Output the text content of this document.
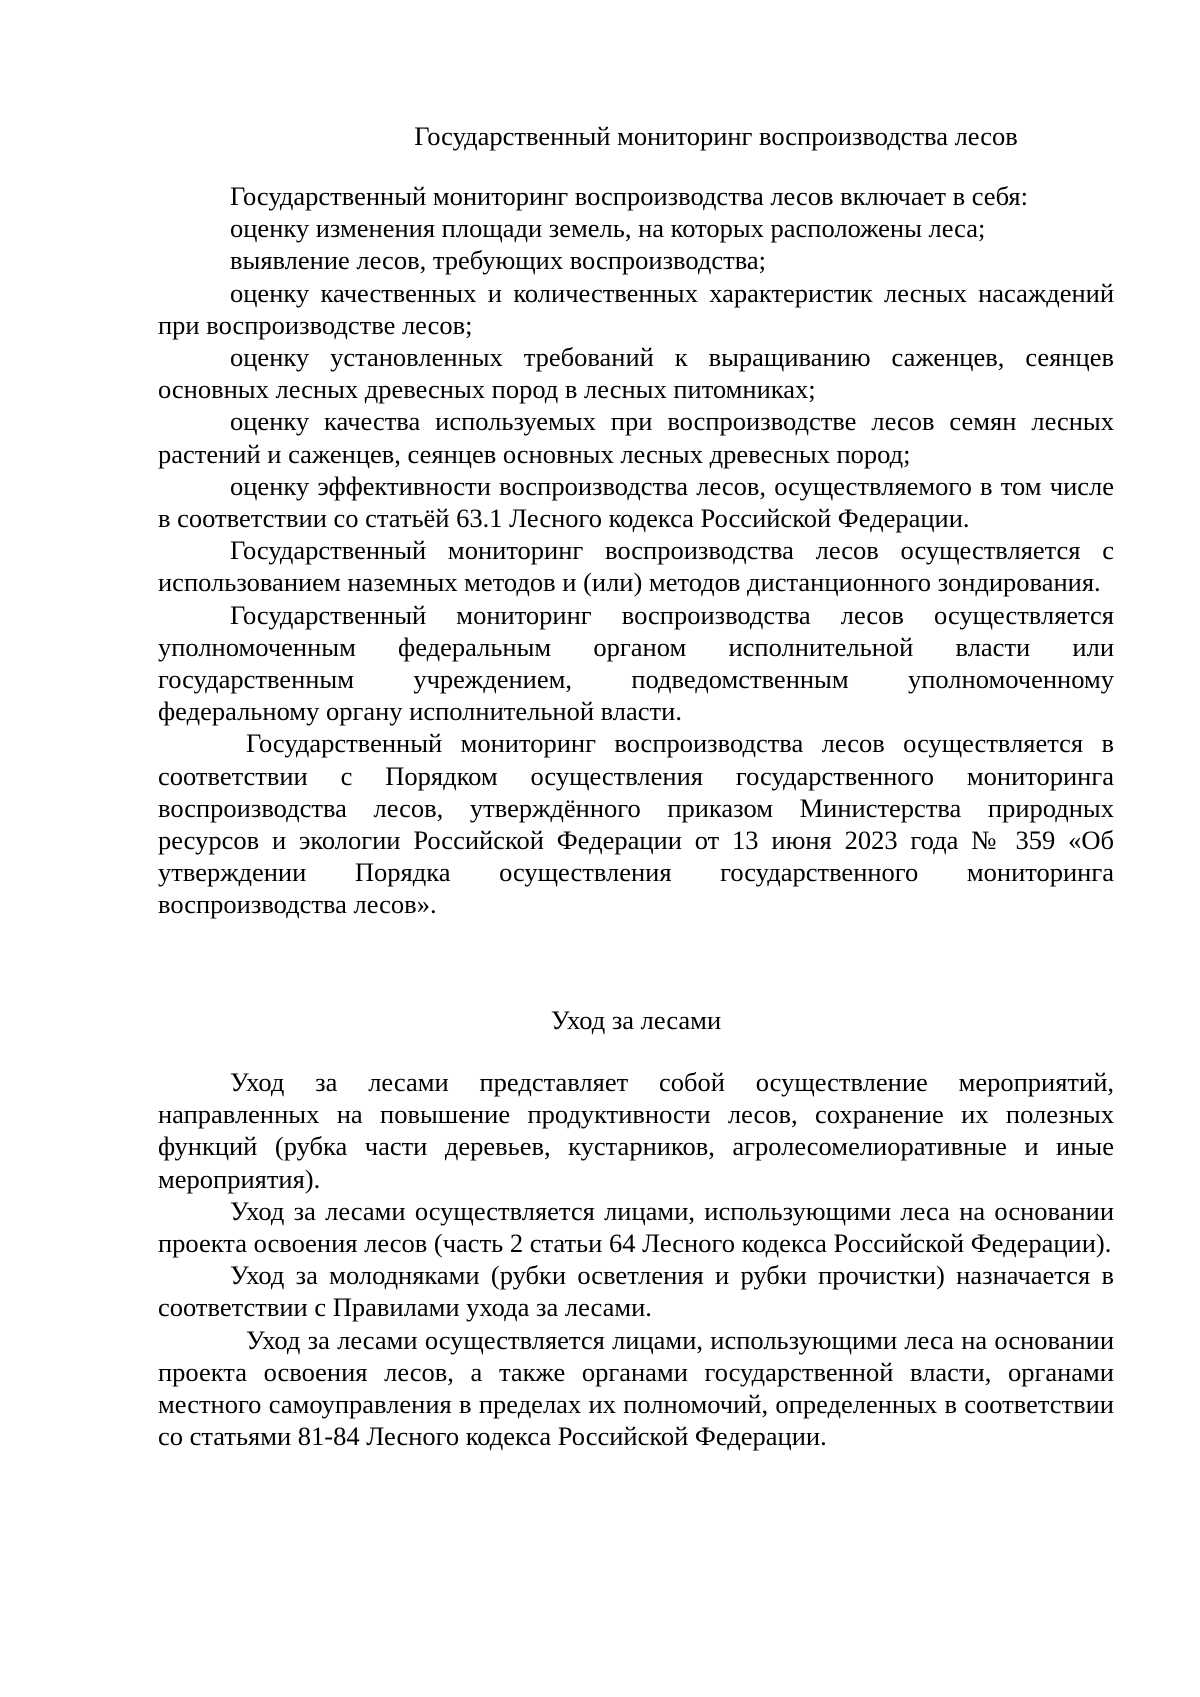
Государственный мониторинг воспроизводства лесов

Государственный мониторинг воспроизводства лесов включает в себя:

оценку изменения площади земель, на которых расположены леса;

выявление лесов, требующих воспроизводства;

оценку качественных и количественных характеристик лесных насаждений при воспроизводстве лесов;

оценку установленных требований к выращиванию саженцев, сеянцев основных лесных древесных пород в лесных питомниках;

оценку качества используемых при воспроизводстве лесов семян лесных растений и саженцев, сеянцев основных лесных древесных пород;

оценку эффективности воспроизводства лесов, осуществляемого в том числе в соответствии со статьёй 63.1 Лесного кодекса Российской Федерации.

Государственный мониторинг воспроизводства лесов осуществляется с использованием наземных методов и (или) методов дистанционного зондирования.

Государственный мониторинг воспроизводства лесов осуществляется уполномоченным федеральным органом исполнительной власти или государственным учреждением, подведомственным уполномоченному федеральному органу исполнительной власти.

Государственный мониторинг воспроизводства лесов осуществляется в соответствии с Порядком осуществления государственного мониторинга воспроизводства лесов, утверждённого приказом Министерства природных ресурсов и экологии Российской Федерации от 13 июня 2023 года № 359 «Об утверждении Порядка осуществления государственного мониторинга воспроизводства лесов».

Уход за лесами

Уход за лесами представляет собой осуществление мероприятий, направленных на повышение продуктивности лесов, сохранение их полезных функций (рубка части деревьев, кустарников, агролесомелиоративные и иные мероприятия).

Уход за лесами осуществляется лицами, использующими леса на основании проекта освоения лесов (часть 2 статьи 64 Лесного кодекса Российской Федерации).

Уход за молодняками (рубки осветления и рубки прочистки) назначается в соответствии с Правилами ухода за лесами.

Уход за лесами осуществляется лицами, использующими леса на основании проекта освоения лесов, а также органами государственной власти, органами местного самоуправления в пределах их полномочий, определенных в соответствии со статьями 81-84 Лесного кодекса Российской Федерации.
